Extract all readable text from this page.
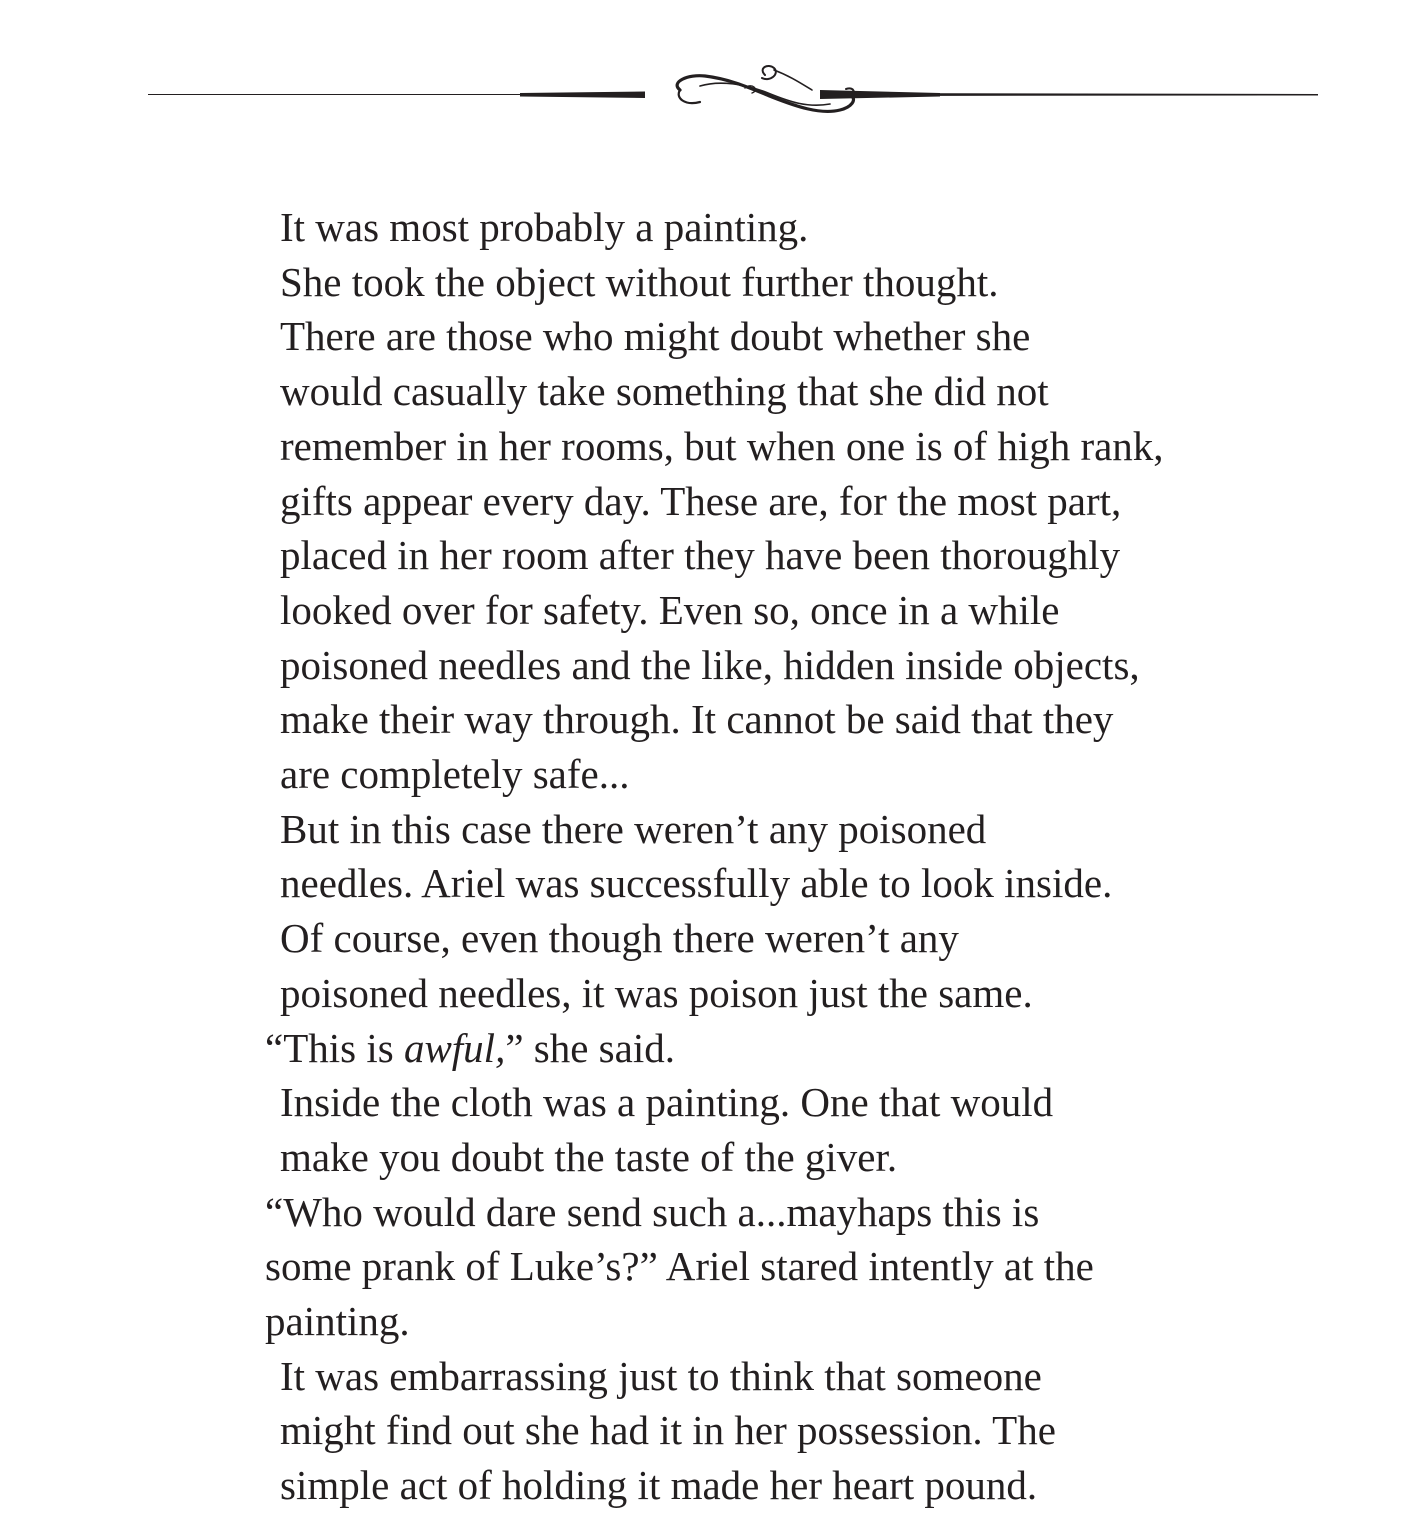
It was most probably a painting.

She took the object without further thought.

There are those who might doubt whether she
would casually take something that she did not
remember in her rooms, but when one is of high rank,
gifts appear every day. These are, for the most part,
placed in her room after they have been thoroughly
looked over for safety. Even so, once in a while
poisoned needles and the like, hidden inside objects,
make their way through. It cannot be said that they
are completely safe...

But in this case there weren’t any poisoned
needles. Ariel was successfully able to look inside.

Of course, even though there weren’t any
poisoned needles, it was poison just the same.

“This is awful,” she said.

Inside the cloth was a painting. One that would
make you doubt the taste of the giver.

“Who would dare send such a...mayhaps this is
some prank of Luke’s?” Ariel stared intently at the
painting.

It was embarrassing just to think that someone
might find out she had it in her possession. The
simple act of holding it made her heart pound.
